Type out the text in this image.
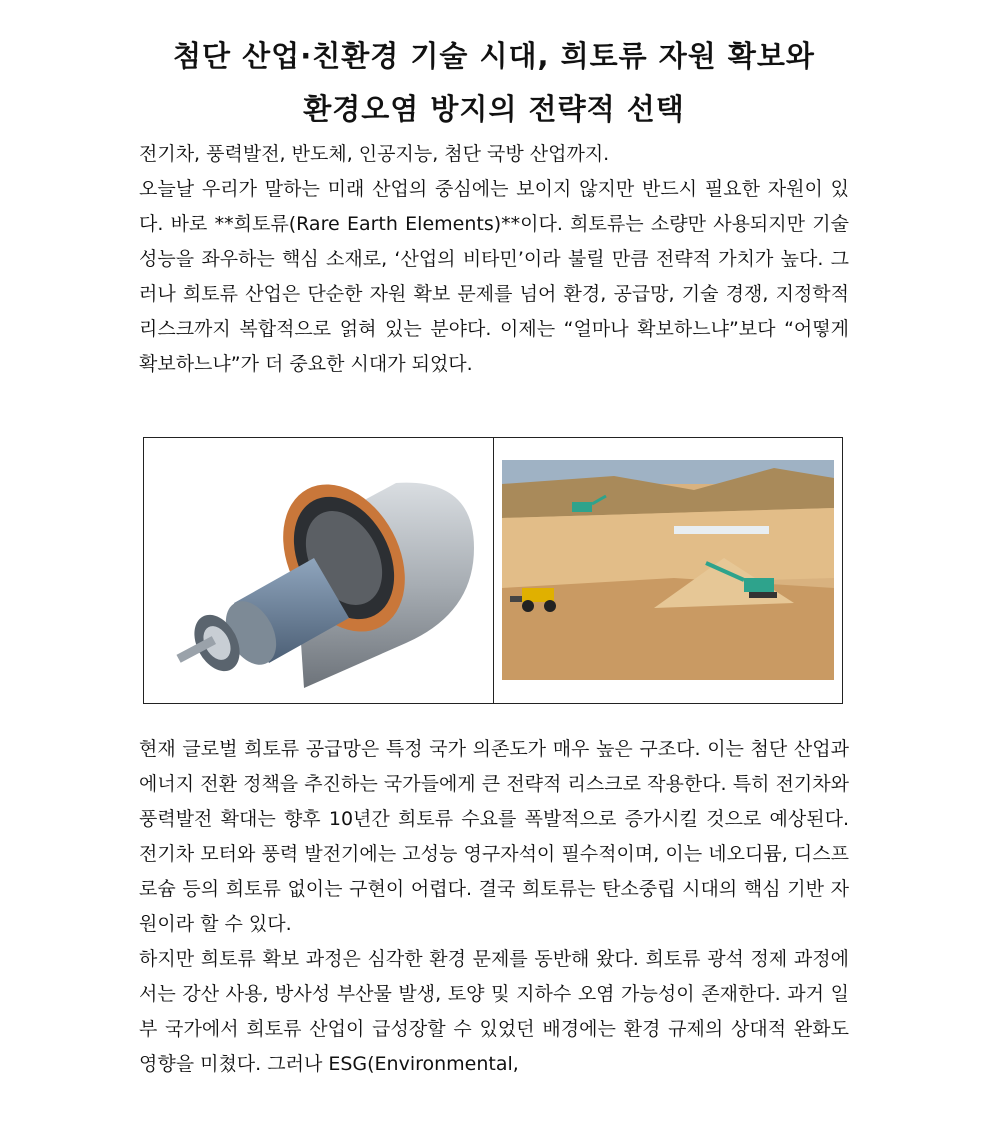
첨단 산업·친환경 기술 시대, 희토류 자원 확보와
환경오염 방지의 전략적 선택

전기차, 풍력발전, 반도체, 인공지능, 첨단 국방 산업까지.

오늘날 우리가 말하는 미래 산업의 중심에는 보이지 않지만 반드시 필요한 자원이 있다. 바로 **희토류(Rare Earth Elements)**이다. 희토류는 소량만 사용되지만 기술 성능을 좌우하는 핵심 소재로, ‘산업의 비타민’이라 불릴 만큼 전략적 가치가 높다. 그러나 희토류 산업은 단순한 자원 확보 문제를 넘어 환경, 공급망, 기술 경쟁, 지정학적 리스크까지 복합적으로 얽혀 있는 분야다. 이제는 “얼마나 확보하느냐”보다 “어떻게 확보하느냐”가 더 중요한 시대가 되었다.

현재 글로벌 희토류 공급망은 특정 국가 의존도가 매우 높은 구조다. 이는 첨단 산업과 에너지 전환 정책을 추진하는 국가들에게 큰 전략적 리스크로 작용한다. 특히 전기차와 풍력발전 확대는 향후 10년간 희토류 수요를 폭발적으로 증가시킬 것으로 예상된다. 전기차 모터와 풍력 발전기에는 고성능 영구자석이 필수적이며, 이는 네오디뮴, 디스프로슘 등의 희토류 없이는 구현이 어렵다. 결국 희토류는 탄소중립 시대의 핵심 기반 자원이라 할 수 있다.

하지만 희토류 확보 과정은 심각한 환경 문제를 동반해 왔다. 희토류 광석 정제 과정에서는 강산 사용, 방사성 부산물 발생, 토양 및 지하수 오염 가능성이 존재한다. 과거 일부 국가에서 희토류 산업이 급성장할 수 있었던 배경에는 환경 규제의 상대적 완화도 영향을 미쳤다. 그러나 ESG(Environmental,
